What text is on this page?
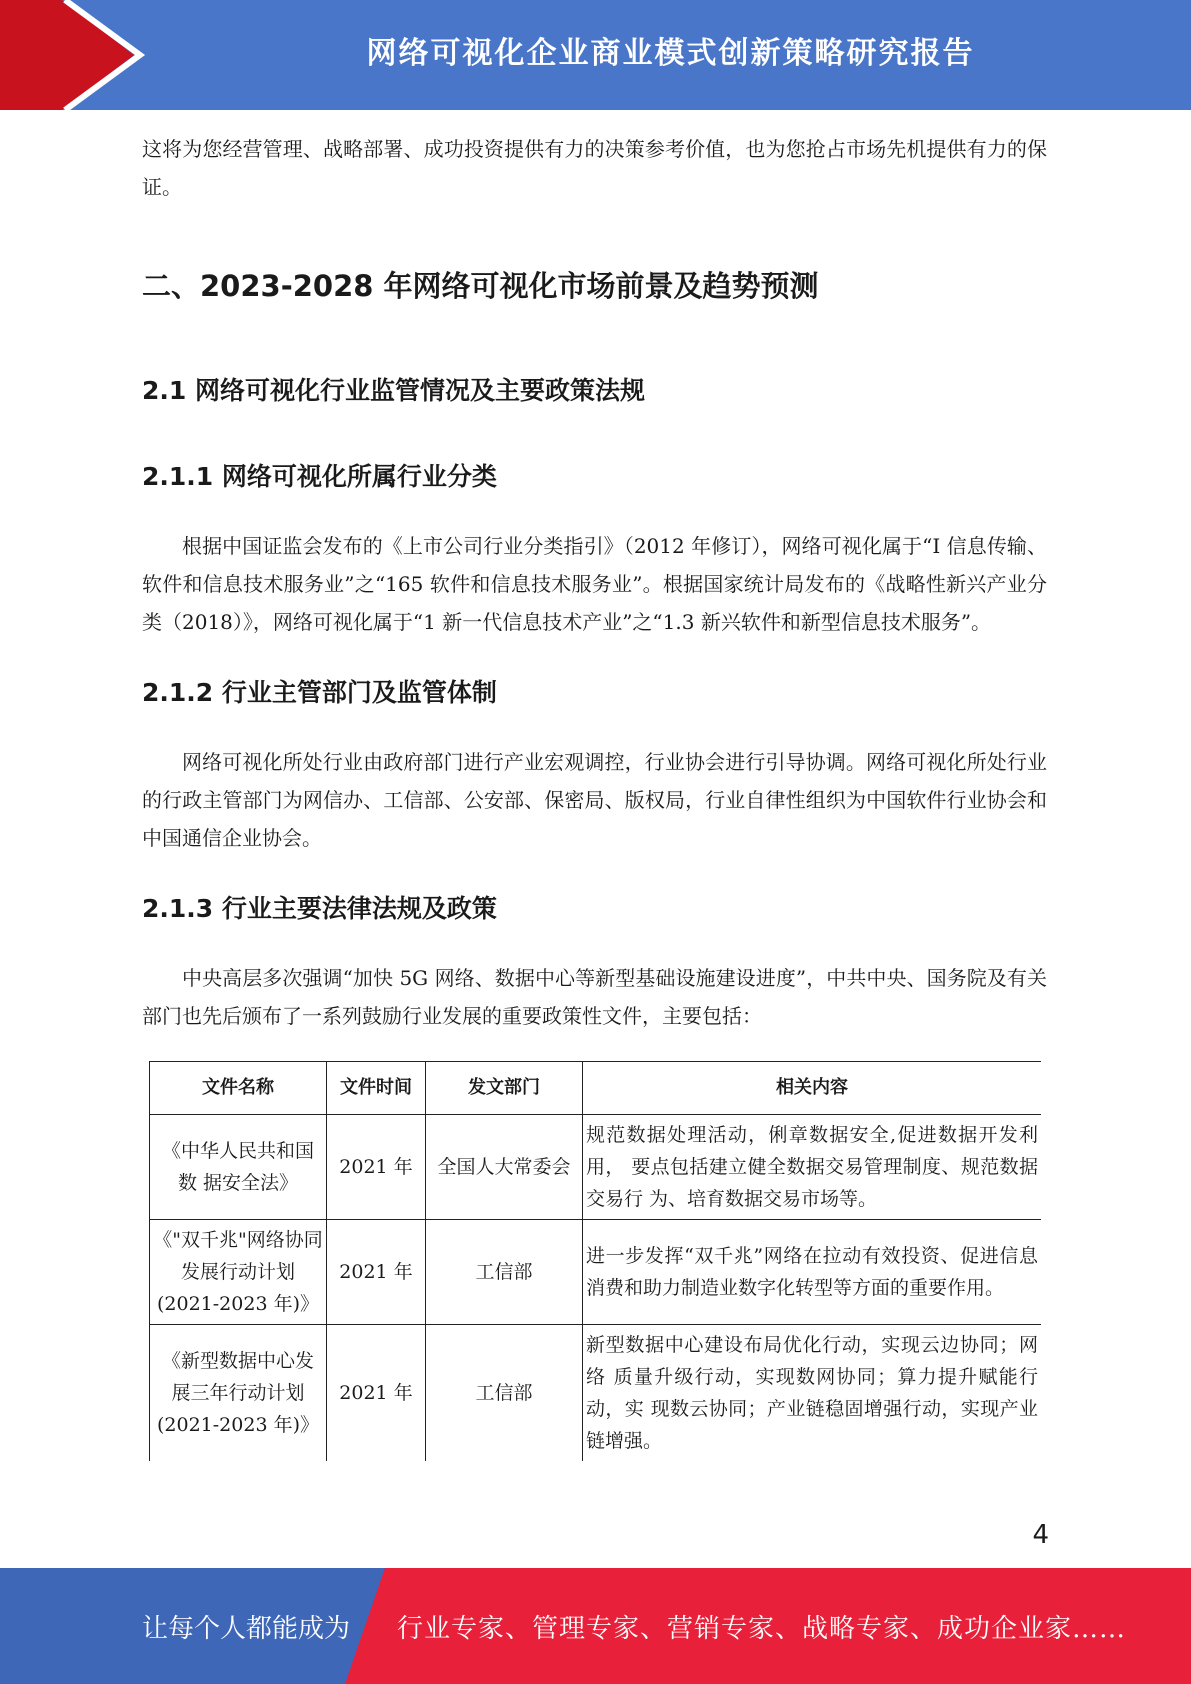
网络可视化企业商业模式创新策略研究报告

这将为您经营管理、战略部署、成功投资提供有力的决策参考价值，也为您抢占市场先机提供有力的保证。

二、2023-2028 年网络可视化市场前景及趋势预测
2.1 网络可视化行业监管情况及主要政策法规
2.1.1 网络可视化所属行业分类

根据中国证监会发布的《上市公司行业分类指引》（2012 年修订），网络可视化属于“I 信息传输、软件和信息技术服务业”之“165 软件和信息技术服务业”。根据国家统计局发布的《战略性新兴产业分类（2018）》，网络可视化属于“1 新一代信息技术产业”之“1.3 新兴软件和新型信息技术服务”。

2.1.2 行业主管部门及监管体制

网络可视化所处行业由政府部门进行产业宏观调控，行业协会进行引导协调。网络可视化所处行业的行政主管部门为网信办、工信部、公安部、保密局、版权局，行业自律性组织为中国软件行业协会和中国通信企业协会。

2.1.3 行业主要法律法规及政策

中央高层多次强调“加快 5G 网络、数据中心等新型基础设施建设进度”，中共中央、国务院及有关部门也先后颁布了一系列鼓励行业发展的重要政策性文件，主要包括：

文件名称	文件时间	发文部门	相关内容
《中华人民共和国数 据安全法》	2021 年	全国人大常委会	规范数据处理活动，俐章数据安全,促进数据开发利用， 要点包括建立健全数据交易管理制度、规范数据交易行 为、培育数据交易市场等。
《"双千兆"网络协同发展行动计划(2021-2023 年)》	2021 年	工信部	进一步发挥“双千兆”网络在拉动有效投资、促进信息 消费和助力制造业数字化转型等方面的重要作用。
《新型数据中心发展三年行动计划(2021-2023 年)》	2021 年	工信部	新型数据中心建设布局优化行动，实现云边协同；网络 质量升级行动，实现数网协同；算力提升赋能行动，实 现数云协同；产业链稳固增强行动，实现产业链增强。
4
让每个人都能成为 行业专家、管理专家、营销专家、战略专家、成功企业家……
